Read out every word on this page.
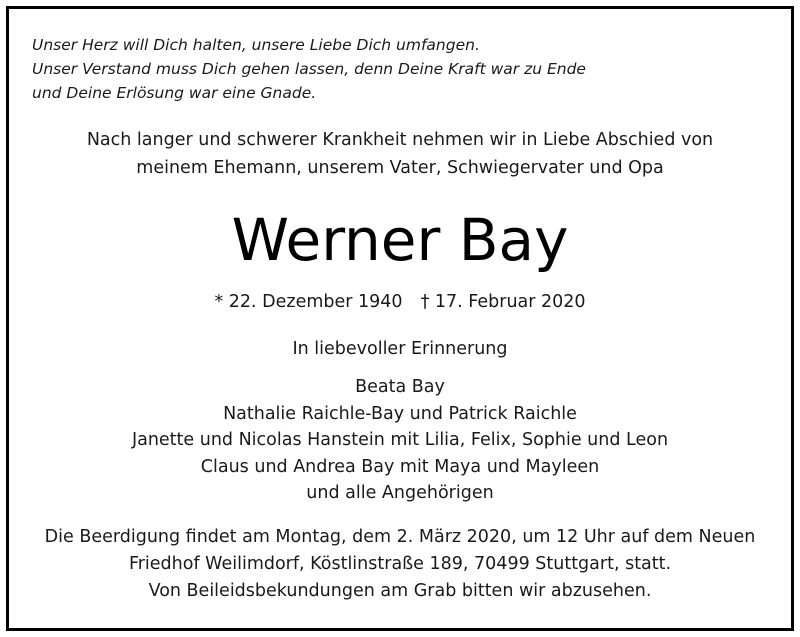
Unser Herz will Dich halten, unsere Liebe Dich umfangen.
Unser Verstand muss Dich gehen lassen, denn Deine Kraft war zu Ende
und Deine Erlösung war eine Gnade.
Nach langer und schwerer Krankheit nehmen wir in Liebe Abschied von
meinem Ehemann, unserem Vater, Schwiegervater und Opa
Werner Bay
* 22. Dezember 1940 † 17. Februar 2020
In liebevoller Erinnerung
Beata Bay
Nathalie Raichle-Bay und Patrick Raichle
Janette und Nicolas Hanstein mit Lilia, Felix, Sophie und Leon
Claus und Andrea Bay mit Maya und Mayleen
und alle Angehörigen
Die Beerdigung findet am Montag, dem 2. März 2020, um 12 Uhr auf dem Neuen
Friedhof Weilimdorf, Köstlinstraße 189, 70499 Stuttgart, statt.
Von Beileidsbekundungen am Grab bitten wir abzusehen.
